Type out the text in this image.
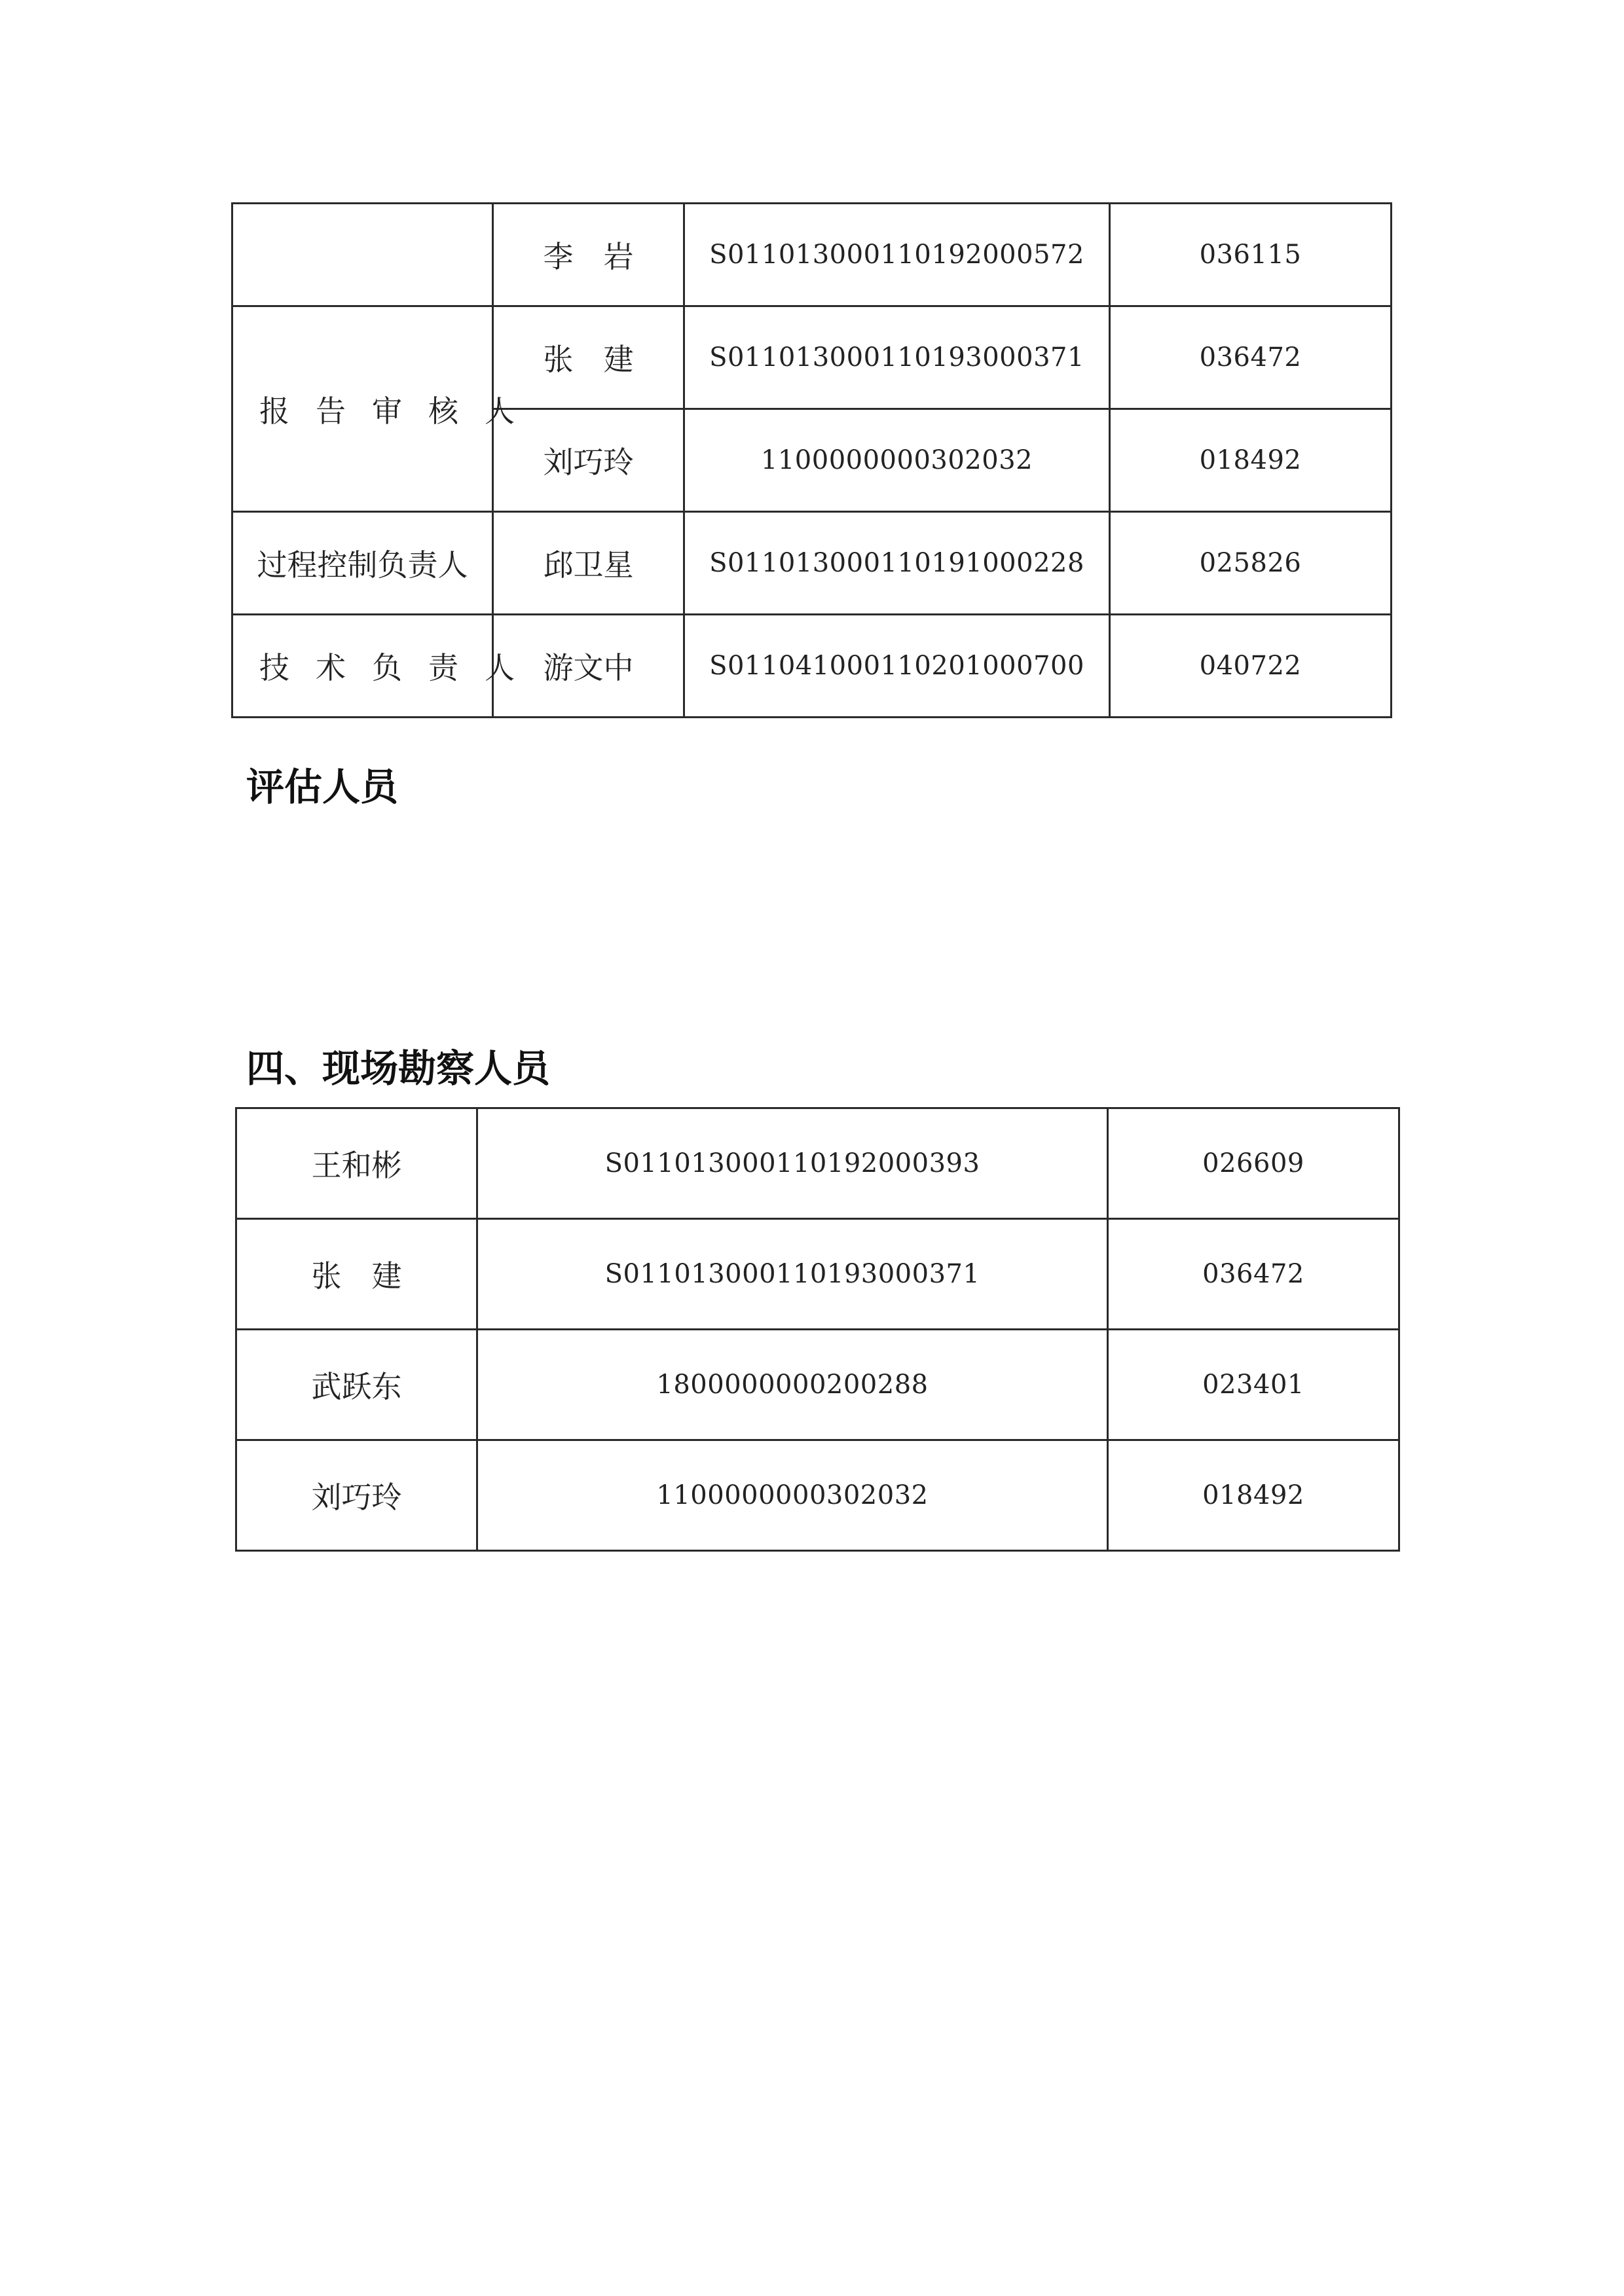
	李　岩	S011013000110192000572	036115
报告审核人	张　建	S011013000110193000371	036472
	刘巧玲	1100000000302032	018492
过程控制负责人	邱卫星	S011013000110191000228	025826
技术负责人	游文中	S011041000110201000700	040722
评估人员
四、现场勘察人员
王和彬	S011013000110192000393	026609
张　建	S011013000110193000371	036472
武跃东	1800000000200288	023401
刘巧玲	1100000000302032	018492
